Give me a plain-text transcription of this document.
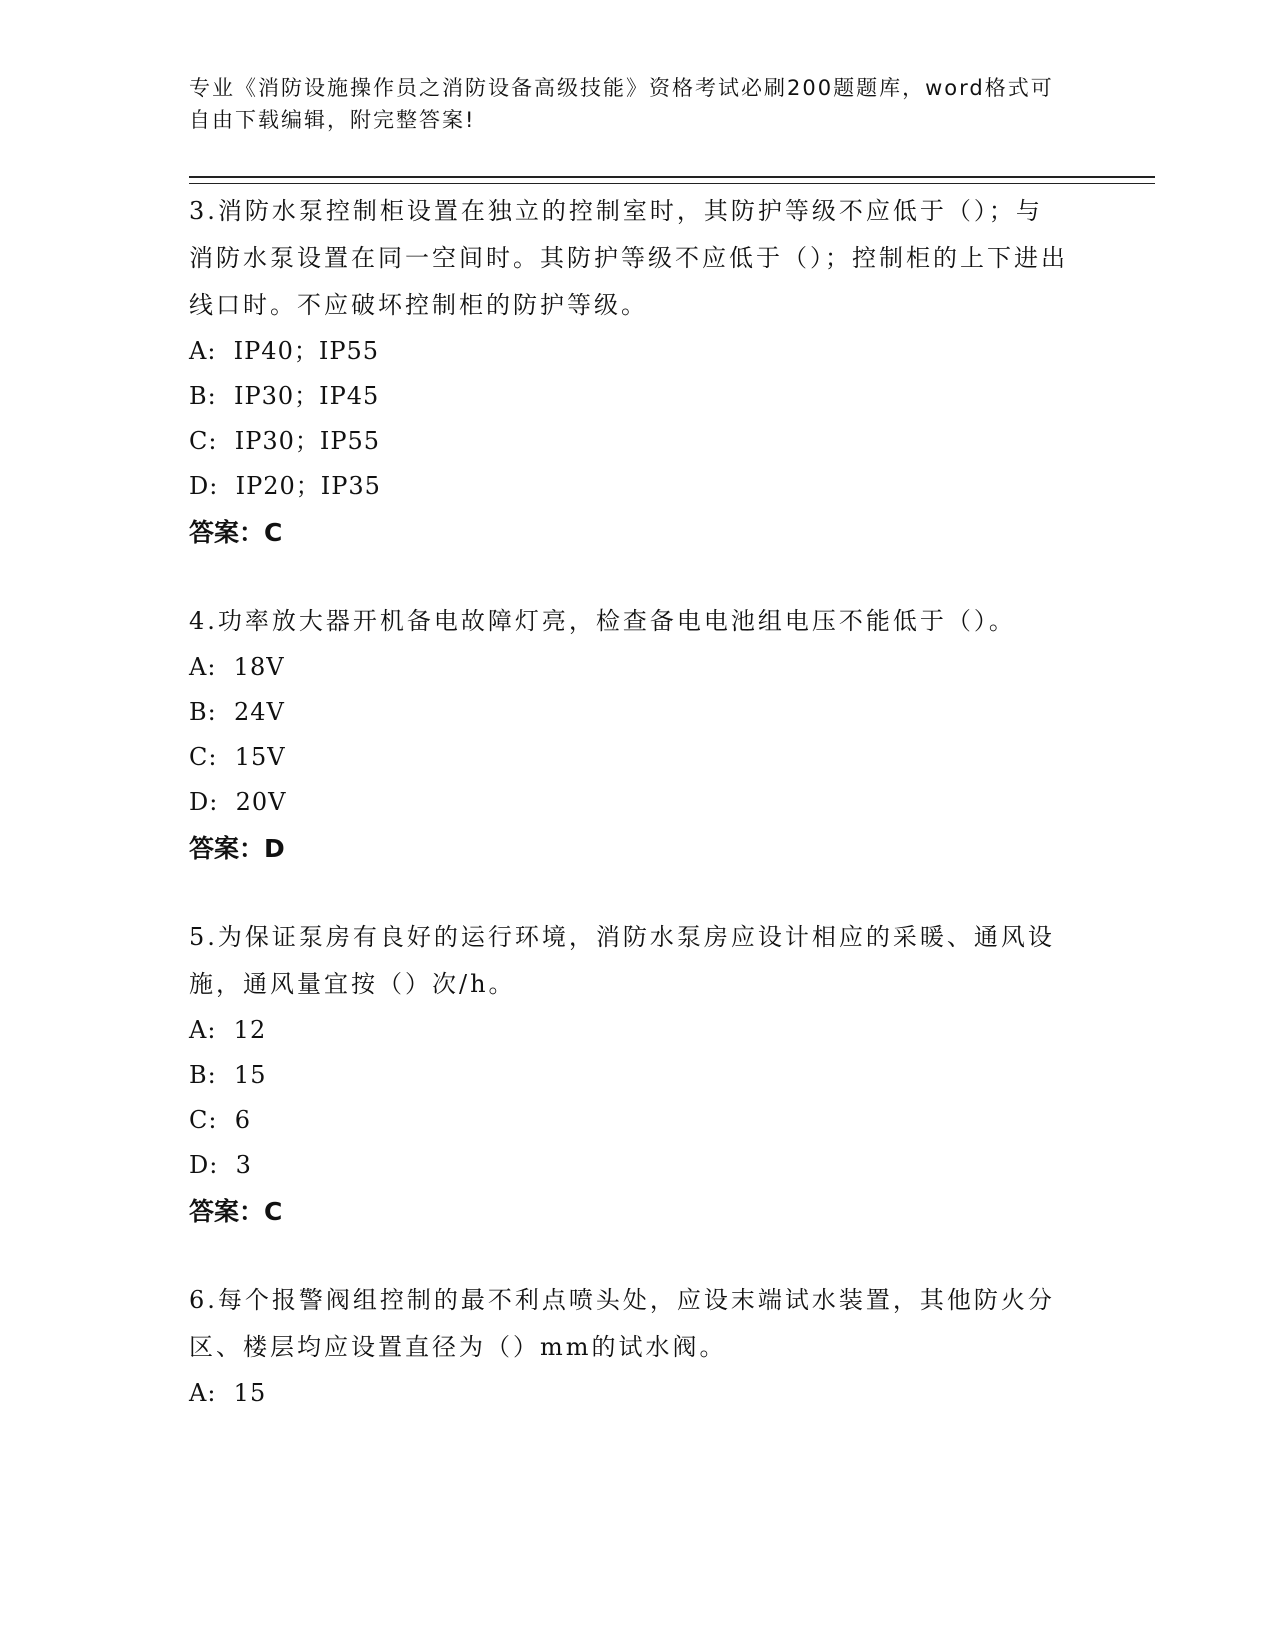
专业《消防设施操作员之消防设备高级技能》资格考试必刷200题题库，word格式可自由下载编辑，附完整答案!

3.消防水泵控制柜设置在独立的控制室时，其防护等级不应低于（）；与消防水泵设置在同一空间时。其防护等级不应低于（）；控制柜的上下进出线口时。不应破坏控制柜的防护等级。

A:  IP40；IP55
B:  IP30；IP45
C:  IP30；IP55
D:  IP20；IP35
答案：C

4.功率放大器开机备电故障灯亮，检查备电电池组电压不能低于（）。

A:  18V
B:  24V
C:  15V
D:  20V
答案：D

5.为保证泵房有良好的运行环境，消防水泵房应设计相应的采暖、通风设施，通风量宜按（）次/h。

A:  12
B:  15
C:  6
D:  3
答案：C

6.每个报警阀组控制的最不利点喷头处，应设末端试水装置，其他防火分区、楼层均应设置直径为（）mm的试水阀。

A:  15
